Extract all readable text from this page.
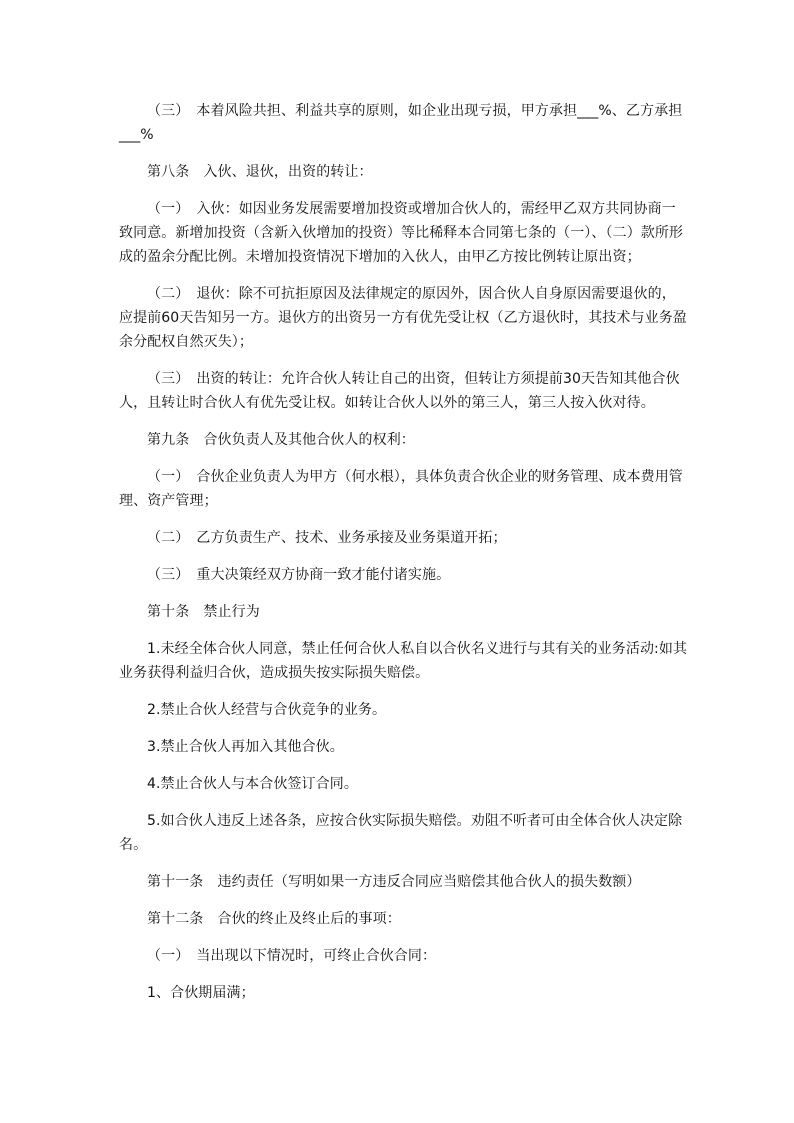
（三）　本着风险共担、利益共享的原则，如企业出现亏损，甲方承担___%、乙方承担___%

第八条　入伙、退伙，出资的转让：

（一）　入伙：如因业务发展需要增加投资或增加合伙人的，需经甲乙双方共同协商一致同意。新增加投资（含新入伙增加的投资）等比稀释本合同第七条的（一）、（二）款所形成的盈余分配比例。未增加投资情况下增加的入伙人，由甲乙方按比例转让原出资；

（二）　退伙：除不可抗拒原因及法律规定的原因外，因合伙人自身原因需要退伙的，应提前60天告知另一方。退伙方的出资另一方有优先受让权（乙方退伙时，其技术与业务盈余分配权自然灭失）；

（三）　出资的转让：允许合伙人转让自己的出资，但转让方须提前30天告知其他合伙人，且转让时合伙人有优先受让权。如转让合伙人以外的第三人，第三人按入伙对待。

第九条　合伙负责人及其他合伙人的权利：

（一）　合伙企业负责人为甲方（何水根），具体负责合伙企业的财务管理、成本费用管理、资产管理；

（二）　乙方负责生产、技术、业务承接及业务渠道开拓；

（三）　重大决策经双方协商一致才能付诸实施。

第十条　禁止行为

1.未经全体合伙人同意，禁止任何合伙人私自以合伙名义进行与其有关的业务活动:如其业务获得利益归合伙，造成损失按实际损失赔偿。

2.禁止合伙人经营与合伙竞争的业务。

3.禁止合伙人再加入其他合伙。

4.禁止合伙人与本合伙签订合同。

5.如合伙人违反上述各条，应按合伙实际损失赔偿。劝阻不听者可由全体合伙人决定除名。

第十一条　违约责任（写明如果一方违反合同应当赔偿其他合伙人的损失数额）

第十二条　合伙的终止及终止后的事项：

（一）　当出现以下情况时，可终止合伙合同：

1、合伙期届满；
